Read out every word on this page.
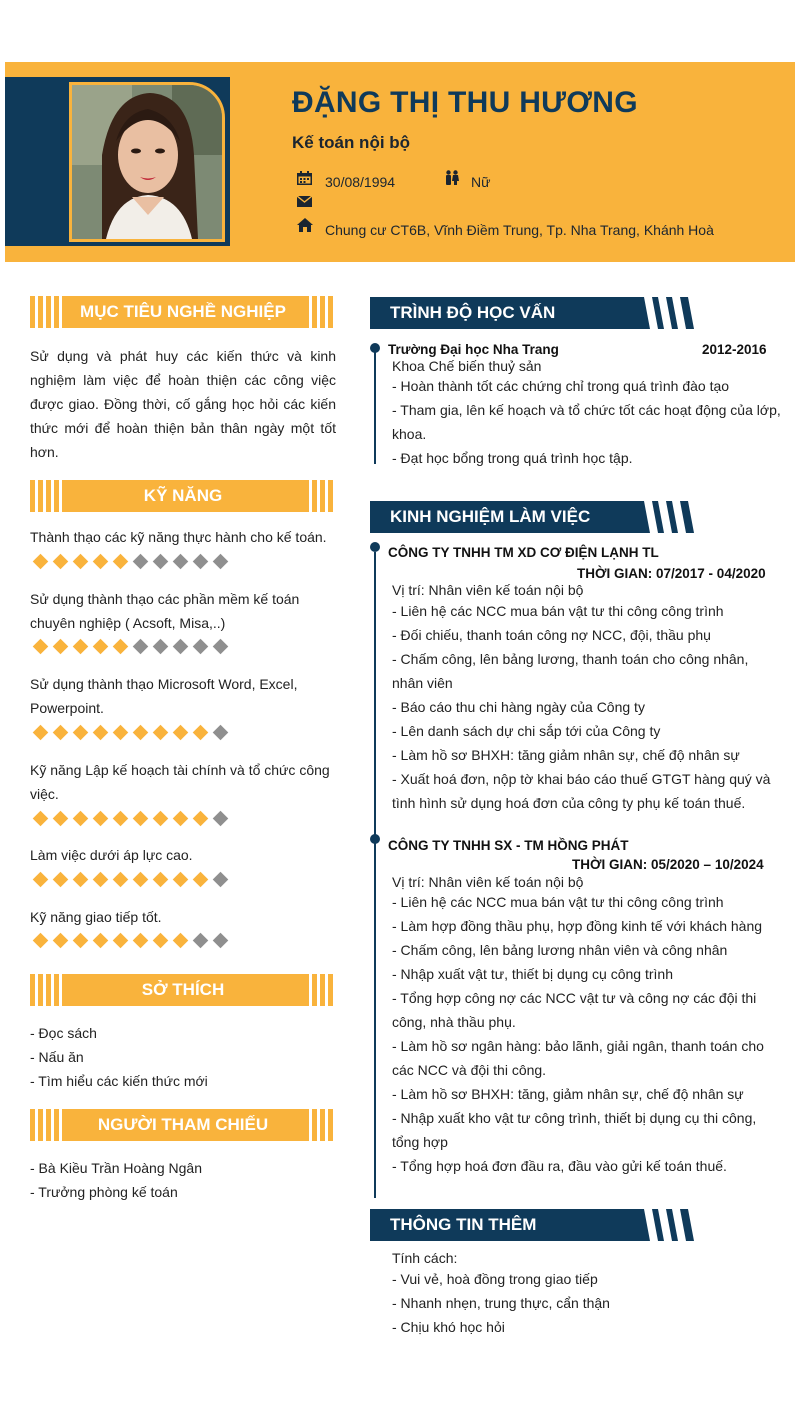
ĐẶNG THỊ THU HƯƠNG
Kế toán nội bộ
30/08/1994	Nữ
Chung cư CT6B, Vĩnh Điềm Trung, Tp. Nha Trang, Khánh Hoà
MỤC TIÊU NGHỀ NGHIỆP
Sử dụng và phát huy các kiến thức và kinh nghiệm làm việc để hoàn thiện các công việc được giao. Đồng thời, cố gắng học hỏi các kiến thức mới để hoàn thiện bản thân ngày một tốt hơn.
KỸ NĂNG
Thành thạo các kỹ năng thực hành cho kế toán.
Sử dụng thành thạo các phần mềm kế toán chuyên nghiệp ( Acsoft, Misa,..)
Sử dụng thành thạo Microsoft Word, Excel, Powerpoint.
Kỹ năng Lập kế hoạch tài chính và tổ chức công việc.
Làm việc dưới áp lực cao.
Kỹ năng giao tiếp tốt.
SỞ THÍCH
- Đọc sách
- Nấu ăn
- Tìm hiểu các kiến thức mới
NGƯỜI THAM CHIẾU
- Bà Kiều Trần Hoàng Ngân
- Trưởng phòng kế toán
TRÌNH ĐỘ HỌC VẤN
Trường Đại học Nha Trang	2012-2016
Khoa Chế biến thuỷ sản
- Hoàn thành tốt các chứng chỉ trong quá trình đào tạo
- Tham gia, lên kế hoạch và tổ chức tốt các hoạt động của lớp, khoa.
- Đạt học bổng trong quá trình học tập.
KINH NGHIỆM LÀM VIỆC
CÔNG TY TNHH TM XD CƠ ĐIỆN LẠNH TL
THỜI GIAN: 07/2017 - 04/2020
Vị trí: Nhân viên kế toán nội bộ
- Liên hệ các NCC mua bán vật tư thi công công trình
- Đối chiếu, thanh toán công nợ NCC, đội, thầu phụ
- Chấm công, lên bảng lương, thanh toán cho công nhân, nhân viên
- Báo cáo thu chi hàng ngày của Công ty
- Lên danh sách dự chi sắp tới của Công ty
- Làm hồ sơ BHXH: tăng giảm nhân sự, chế độ nhân sự
- Xuất hoá đơn, nộp tờ khai báo cáo thuế GTGT hàng quý và tình hình sử dụng hoá đơn của công ty phụ kế toán thuế.
CÔNG TY TNHH SX - TM HỒNG PHÁT
THỜI GIAN: 05/2020 – 10/2024
Vị trí: Nhân viên kế toán nội bộ
- Liên hệ các NCC mua bán vật tư thi công công trình
- Làm hợp đồng thầu phụ, hợp đồng kinh tế với khách hàng
- Chấm công, lên bảng lương nhân viên và công nhân
- Nhập xuất vật tư, thiết bị dụng cụ công trình
- Tổng hợp công nợ các NCC vật tư và công nợ các đội thi công, nhà thầu phụ.
- Làm hồ sơ ngân hàng: bảo lãnh, giải ngân, thanh toán cho các NCC và đội thi công.
- Làm hồ sơ BHXH: tăng, giảm nhân sự, chế độ nhân sự
- Nhập xuất kho vật tư công trình, thiết bị dụng cụ thi công, tổng hợp
- Tổng hợp hoá đơn đầu ra, đầu vào gửi kế toán thuế.
THÔNG TIN THÊM
Tính cách:
- Vui vẻ, hoà đồng trong giao tiếp
- Nhanh nhẹn, trung thực, cẩn thận
- Chịu khó học hỏi
